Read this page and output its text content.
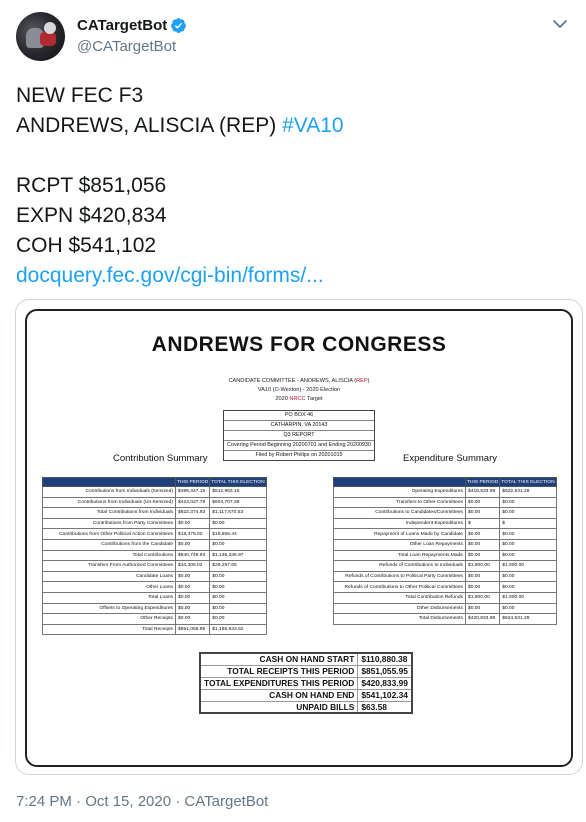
CATargetBot
@CATargetBot
NEW FEC F3
ANDREWS, ALISCIA (REP) #VA10
RCPT $851,056
EXPN $420,834
COH $541,102
docquery.fec.gov/cgi-bin/forms/...
ANDREWS FOR CONGRESS
CANDIDATE COMMITTEE - ANDREWS, ALISCIA (REP)
VA10 (D-Wexton) - 2020 Election
2020 NRCC Target
PO BOX 46
CATHARPIN, VA 20143
Q3 REPORT
Covering Period Beginning 20200701 and Ending 20200930
Filed by Robert Philips on 20201015
Contribution Summary	Expenditure Summary
	THIS PERIOD	TOTAL THIS ELECTION
Contributions from Individuals (Itemized)	$399,347.15	$512,963.15
Contributions from Individuals (Un-Itemized)	$423,027.78	$604,707.38
Total Contributions from Individuals	$822,374.93	$1,117,670.53
Contributions from Party Committees	$0.00	$0.00
Contributions from Other Political Action Committees	$18,375.00	$18,665.44
Contributions from the Candidate	$0.00	$0.00
Total Contributions	$840,749.93	$1,136,335.97
Transfers From Authorized Committees	$10,306.02	$29,297.65
Candidate Loans	$0.00	$0.00
Other Loans	$0.00	$0.00
Total Loans	$0.00	$0.00
Offsets to Operating Expenditures	$0.00	$0.00
Other Receipts	$0.00	$0.00
Total Receipts	$851,055.95	$1,165,633.62
	THIS PERIOD	TOTAL THIS ELECTION
Operating Expenditures	$418,933.99	$622,631.28
Transfers to Other Committees	$0.00	$0.00
Contributions to Candidates/Committees	$0.00	$0.00
Independent Expenditures	$	$
Repayment of Loans Made by Candidate	$0.00	$0.00
Other Loan Repayments	$0.00	$0.00
Total Loan Repayments Made	$0.00	$0.00
Refunds of Contributions to Individuals	$1,900.00	$1,900.00
Refunds of Contributions to Political Party Committees	$0.00	$0.00
Refunds of Contributions to Other Political Committees	$0.00	$0.00
Total Contribution Refunds	$1,900.00	$1,900.00
Other Disbursements	$0.00	$0.00
Total Disbursements	$420,833.99	$624,531.28
CASH ON HAND START	$110,880.38
TOTAL RECEIPTS THIS PERIOD	$851,055.95
TOTAL EXPENDITURES THIS PERIOD	$420,833.99
CASH ON HAND END	$541,102.34
UNPAID BILLS	$63.58
7:24 PM · Oct 15, 2020 · CATargetBot
